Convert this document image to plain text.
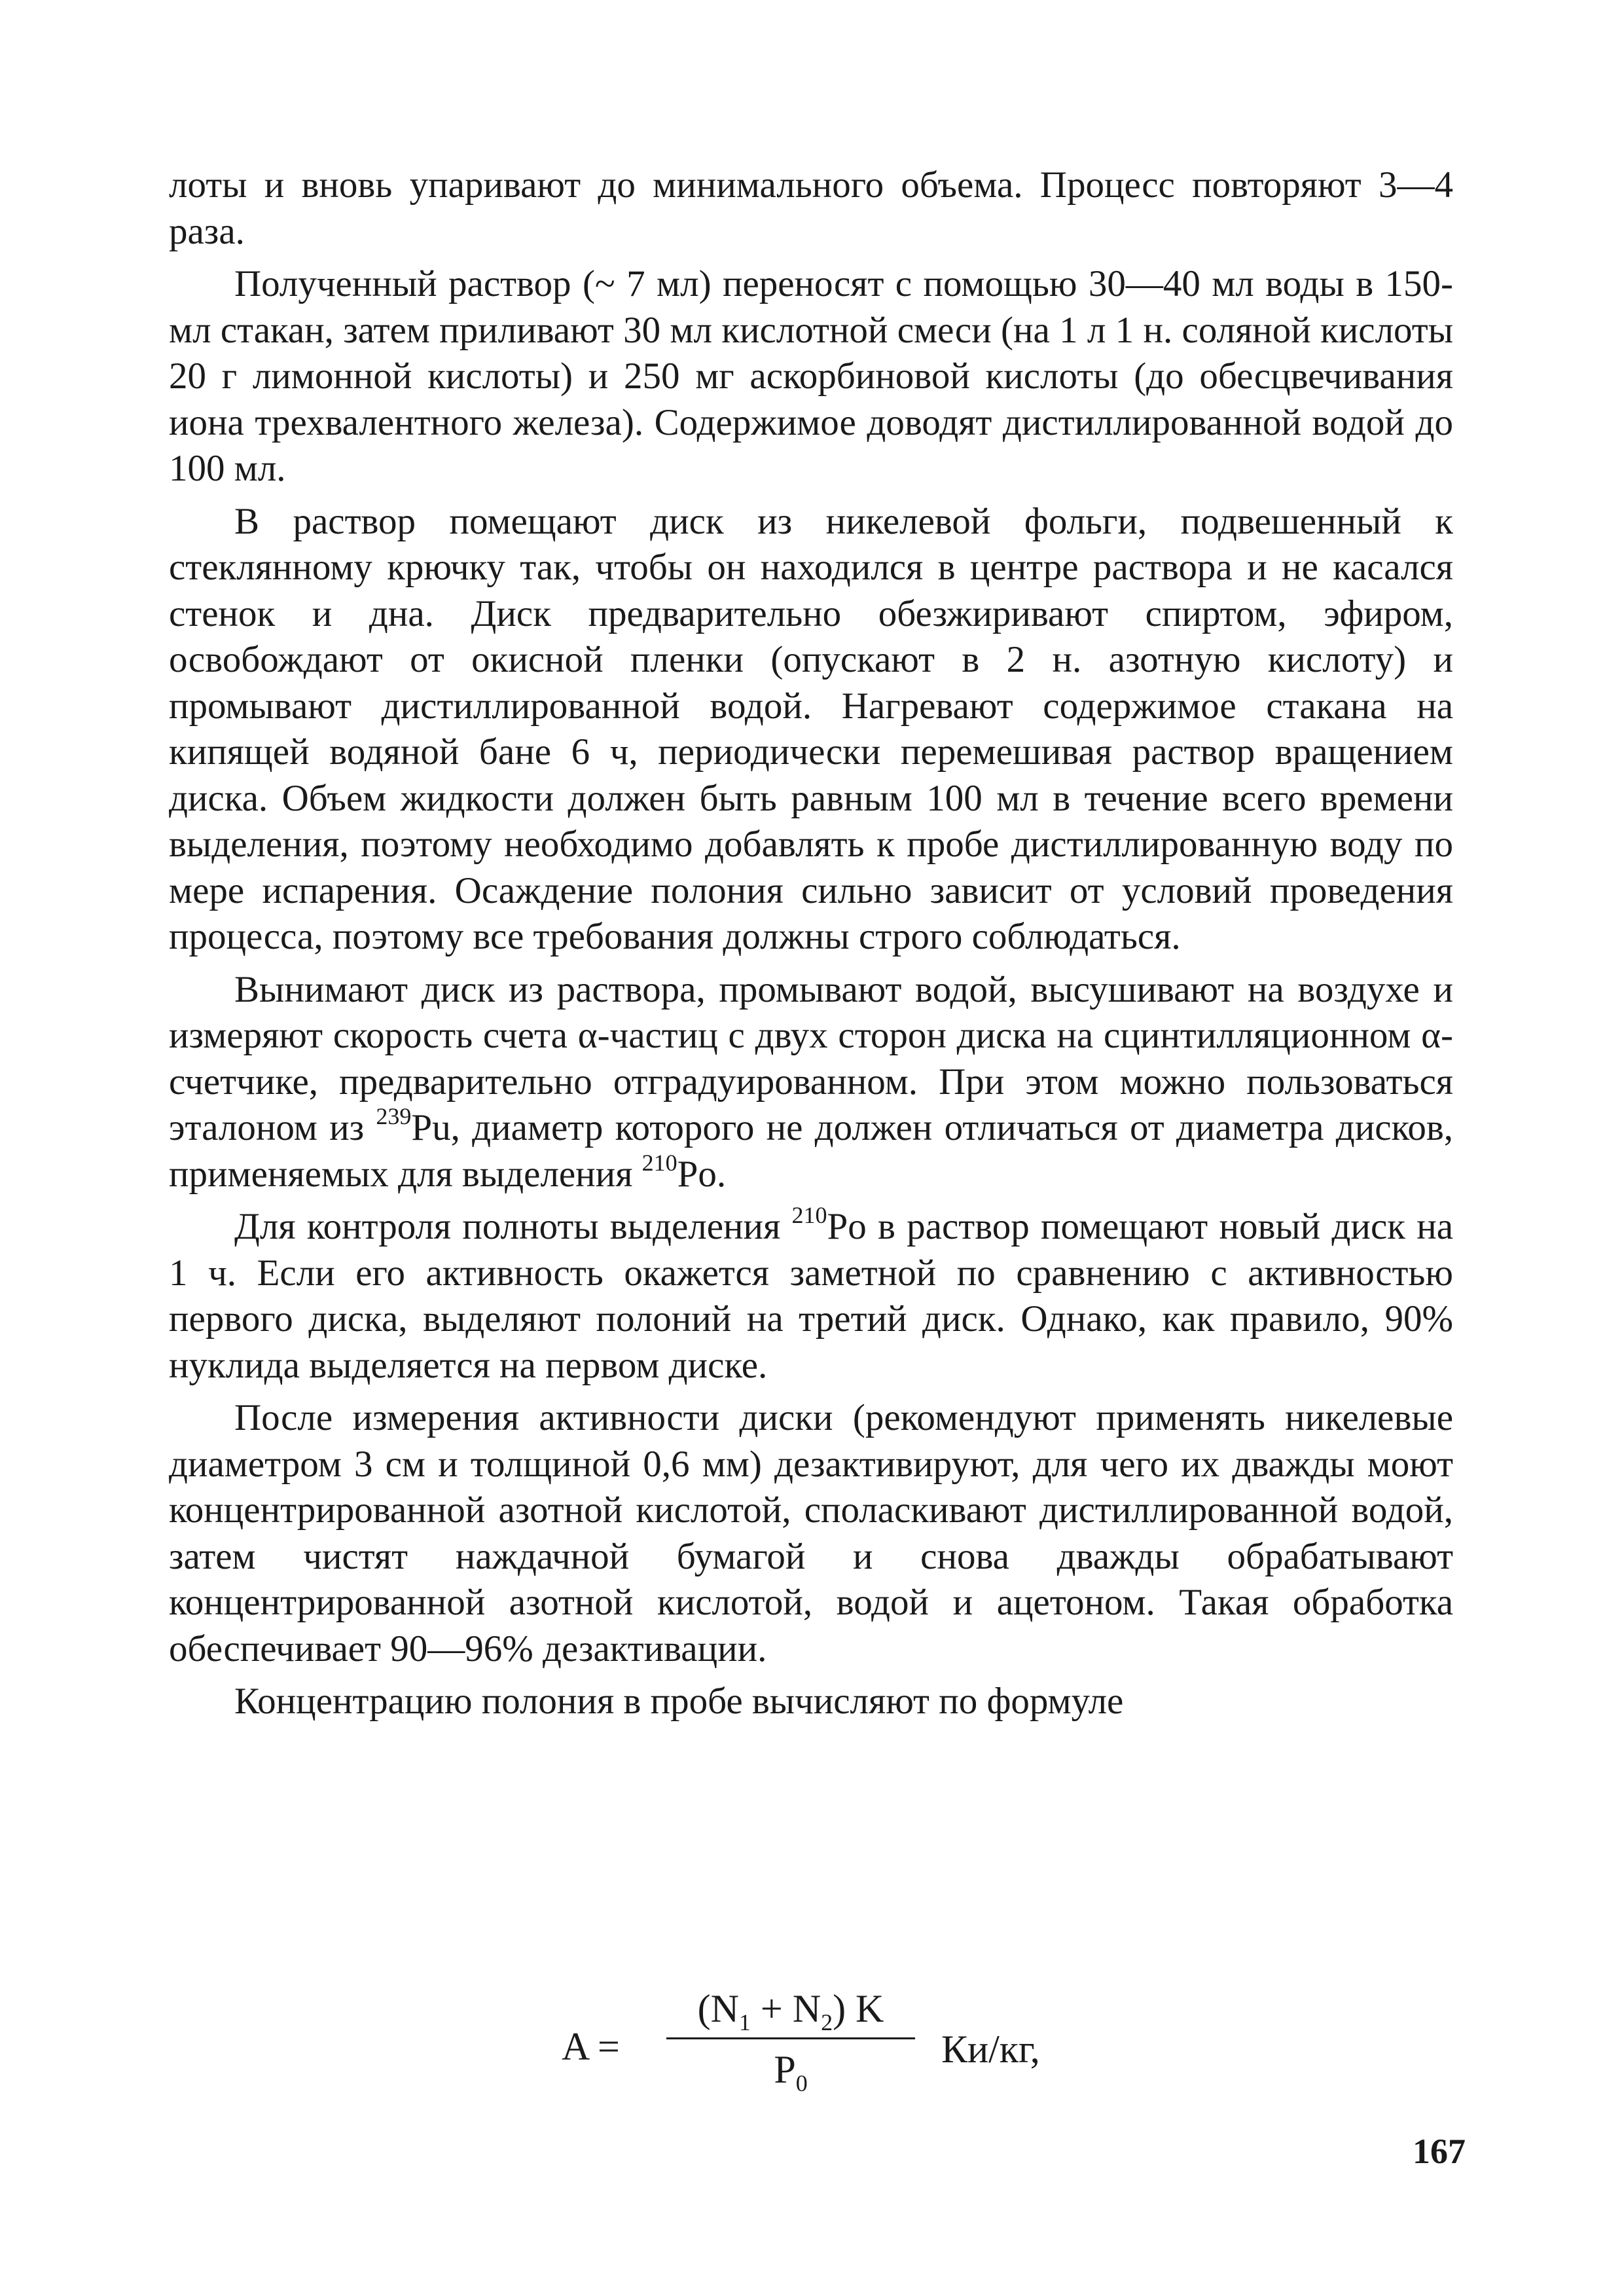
лоты и вновь упаривают до минимального объема. Процесс повторяют 3—4 раза.

Полученный раствор (~ 7 мл) переносят с помощью 30—40 мл воды в 150-мл стакан, затем приливают 30 мл кислотной смеси (на 1 л 1 н. соляной кислоты 20 г лимонной кислоты) и 250 мг аскорбиновой кислоты (до обесцвечивания иона трехвалентного железа). Содержимое доводят дистиллированной водой до 100 мл.

В раствор помещают диск из никелевой фольги, подвешенный к стеклянному крючку так, чтобы он находился в центре раствора и не касался стенок и дна. Диск предварительно обезжиривают спиртом, эфиром, освобождают от окисной пленки (опускают в 2 н. азотную кислоту) и промывают дистиллированной водой. Нагревают содержимое стакана на кипящей водяной бане 6 ч, периодически перемешивая раствор вращением диска. Объем жидкости должен быть равным 100 мл в течение всего времени выделения, поэтому необходимо добавлять к пробе дистиллированную воду по мере испарения. Осаждение полония сильно зависит от условий проведения процесса, поэтому все требования должны строго соблюдаться.

Вынимают диск из раствора, промывают водой, высушивают на воздухе и измеряют скорость счета α-частиц с двух сторон диска на сцинтилляционном α-счетчике, предварительно отградуированном. При этом можно пользоваться эталоном из $^{239}$Pu, диаметр которого не должен отличаться от диаметра дисков, применяемых для выделения $^{210}$Po.

Для контроля полноты выделения $^{210}$Po в раствор помещают новый диск на 1 ч. Если его активность окажется заметной по сравнению с активностью первого диска, выделяют полоний на третий диск. Однако, как правило, 90% нуклида выделяется на первом диске.

После измерения активности диски (рекомендуют применять никелевые диаметром 3 см и толщиной 0,6 мм) дезактивируют, для чего их дважды моют концентрированной азотной кислотой, споласкивают дистиллированной водой, затем чистят наждачной бумагой и снова дважды обрабатывают концентрированной азотной кислотой, водой и ацетоном. Такая обработка обеспечивает 90—96% дезактивации.

Концентрацию полония в пробе вычисляют по формуле

A =
$(N_1 + N_2)$ K
$P_0$
Ки/кг,
167
